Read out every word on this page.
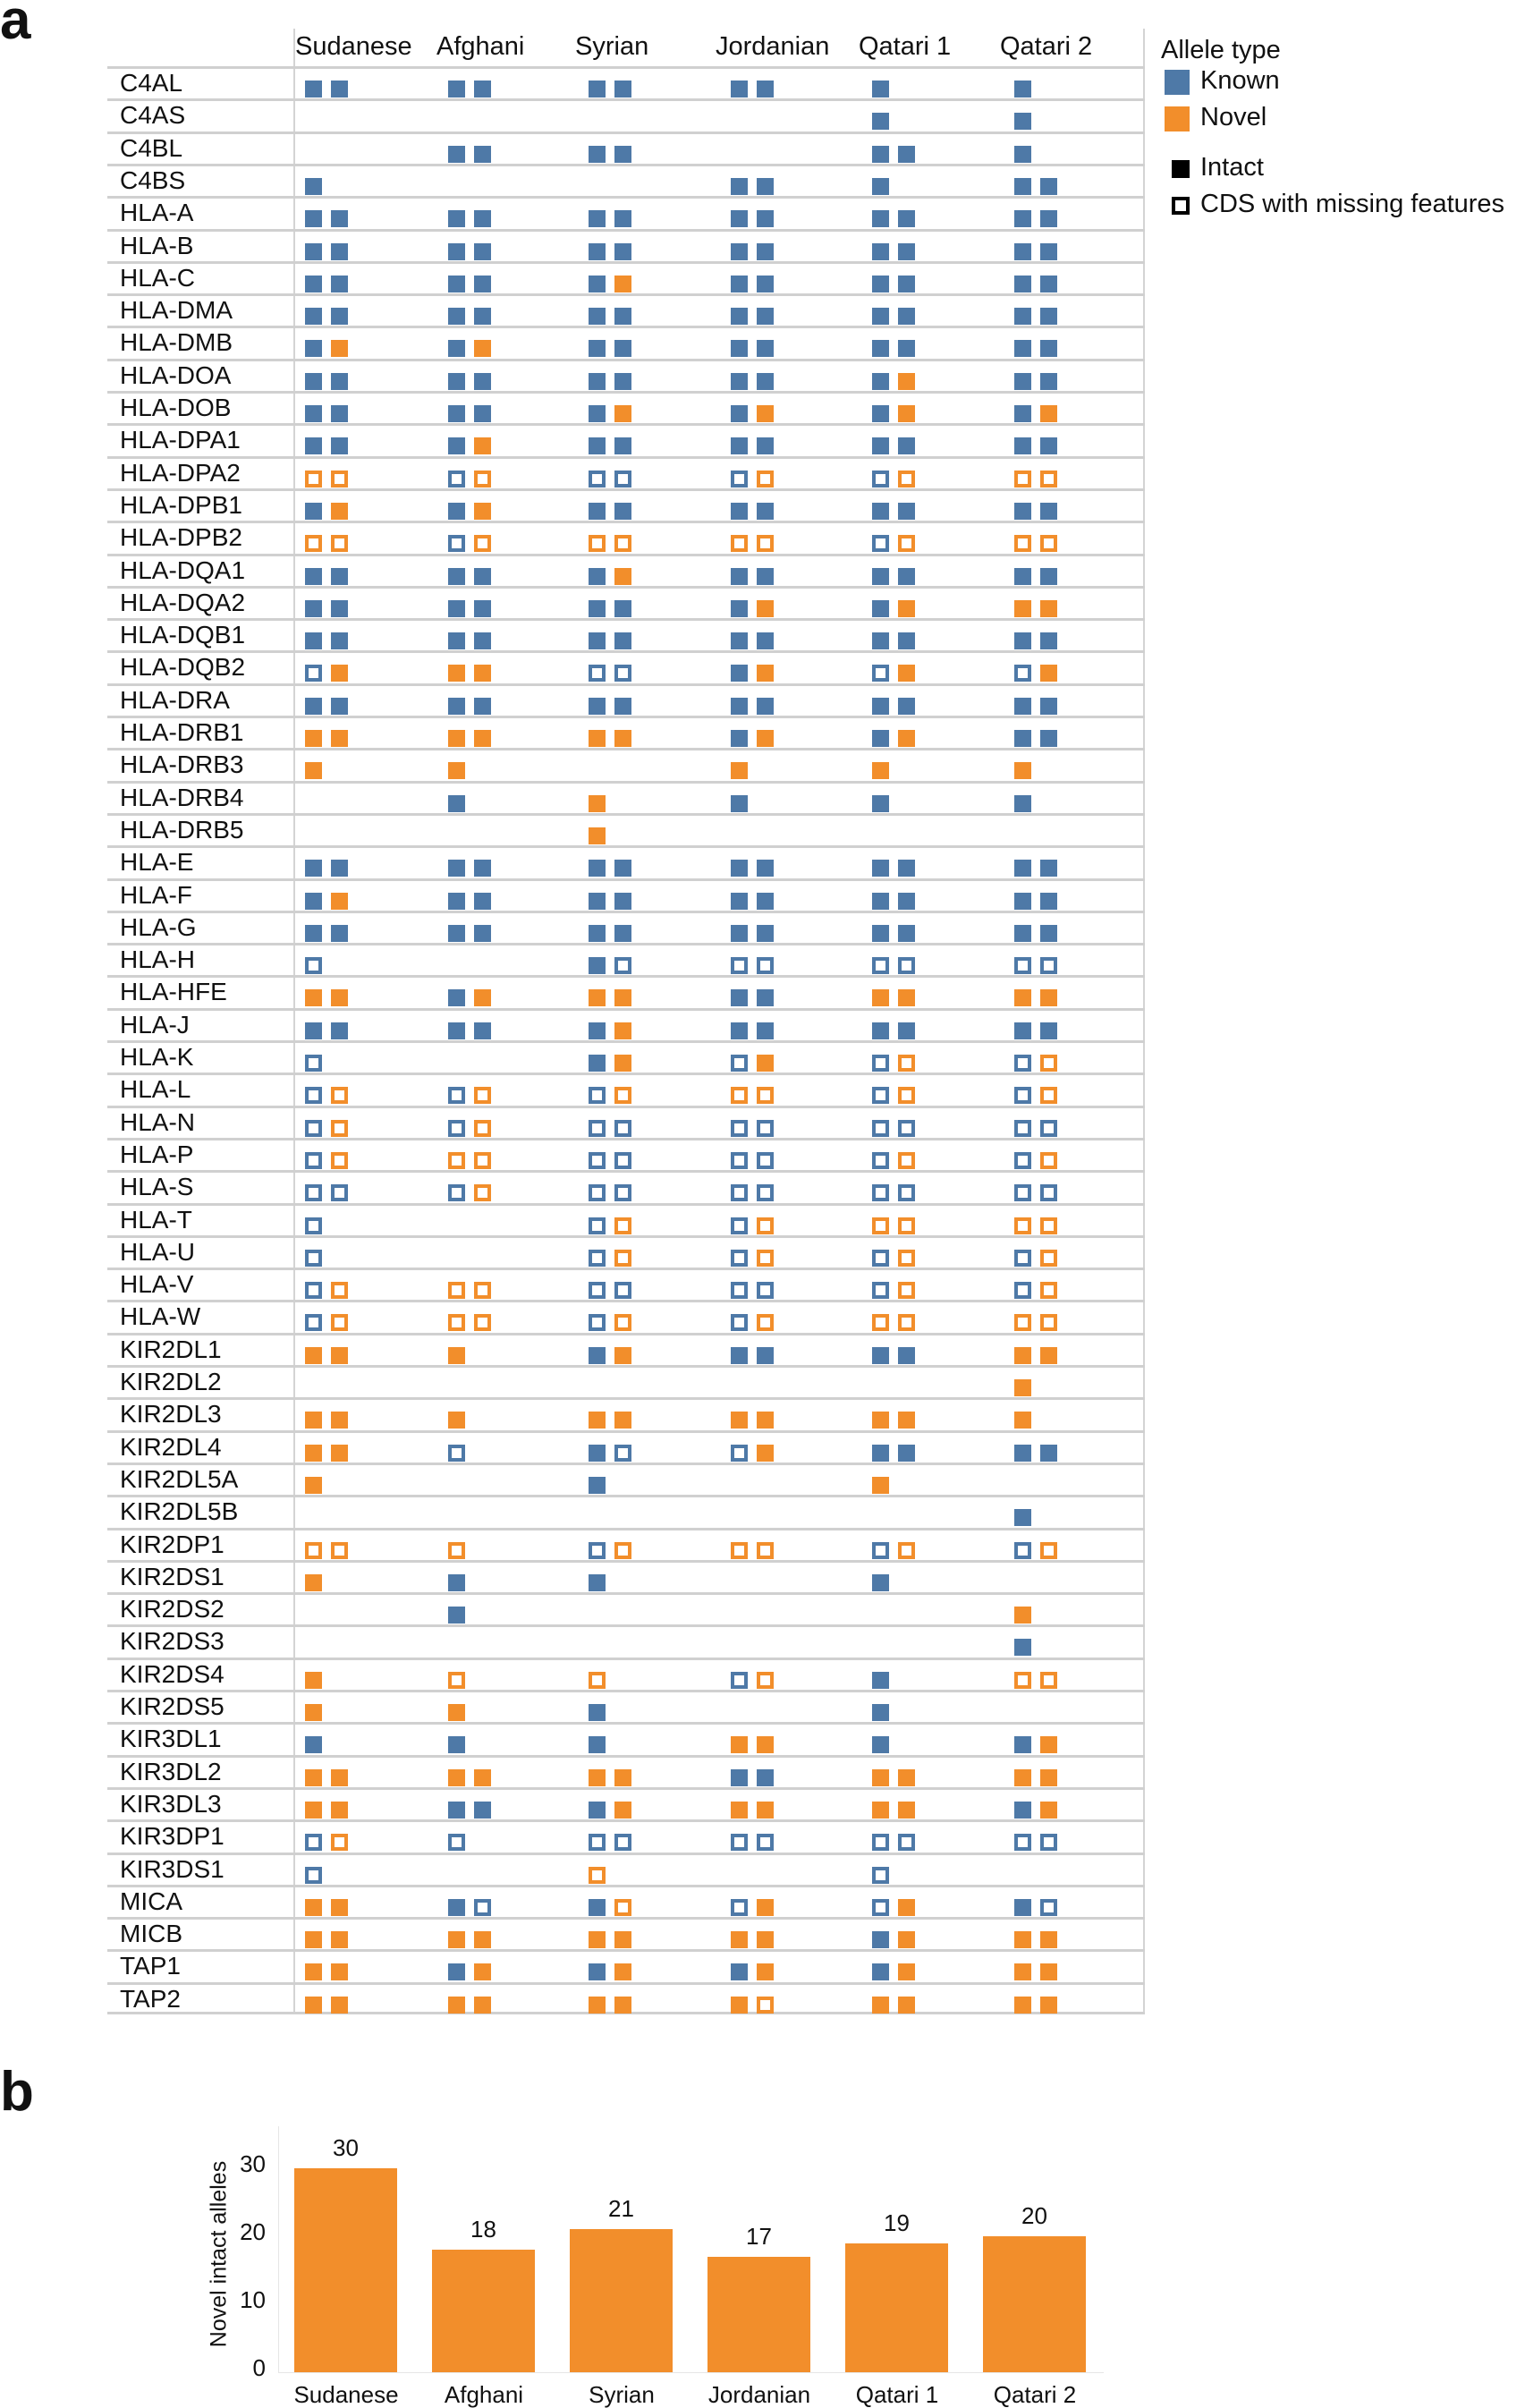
a	Sudanese Afghani Syrian	Jordanian Qatari 1 Qatari 2
C4AL
C4AS
C4BL
C4BS
HLA-A
HLA-B
HLA-C
HLA-DMA
HLA-DMB
HLA-DOA
HLA-DOB
HLA-DPA1
HLA-DPA2
HLA-DPB1
HLA-DPB2
HLA-DQA1
HLA-DQA2
HLA-DQB1
HLA-DQB2
HLA-DRA
HLA-DRB1
HLA-DRB3
HLA-DRB4
HLA-DRB5
HLA-E
HLA-F
HLA-G
HLA-H
HLA-HFE
HLA-J
HLA-K
HLA-L
HLA-N
HLA-P
HLA-S
HLA-T
HLA-U
HLA-V
HLA-W
KIR2DL1
KIR2DL2
KIR2DL3
KIR2DL4
KIR2DL5A
KIR2DL5B
KIR2DP1
KIR2DS1
KIR2DS2
KIR2DS3
KIR2DS4
KIR2DS5
KIR3DL1
KIR3DL2
KIR3DL3
KIR3DP1
KIR3DS1
MICA
MICB
TAP1
TAP2
Allele type
Known
Novel
Intact
CDS with missing features
b
Novel intact alleles
0
10
20
30
30
Sudanese
18
Afghani
21
Syrian
17
Jordanian
19
Qatari 1
20
Qatari 2
